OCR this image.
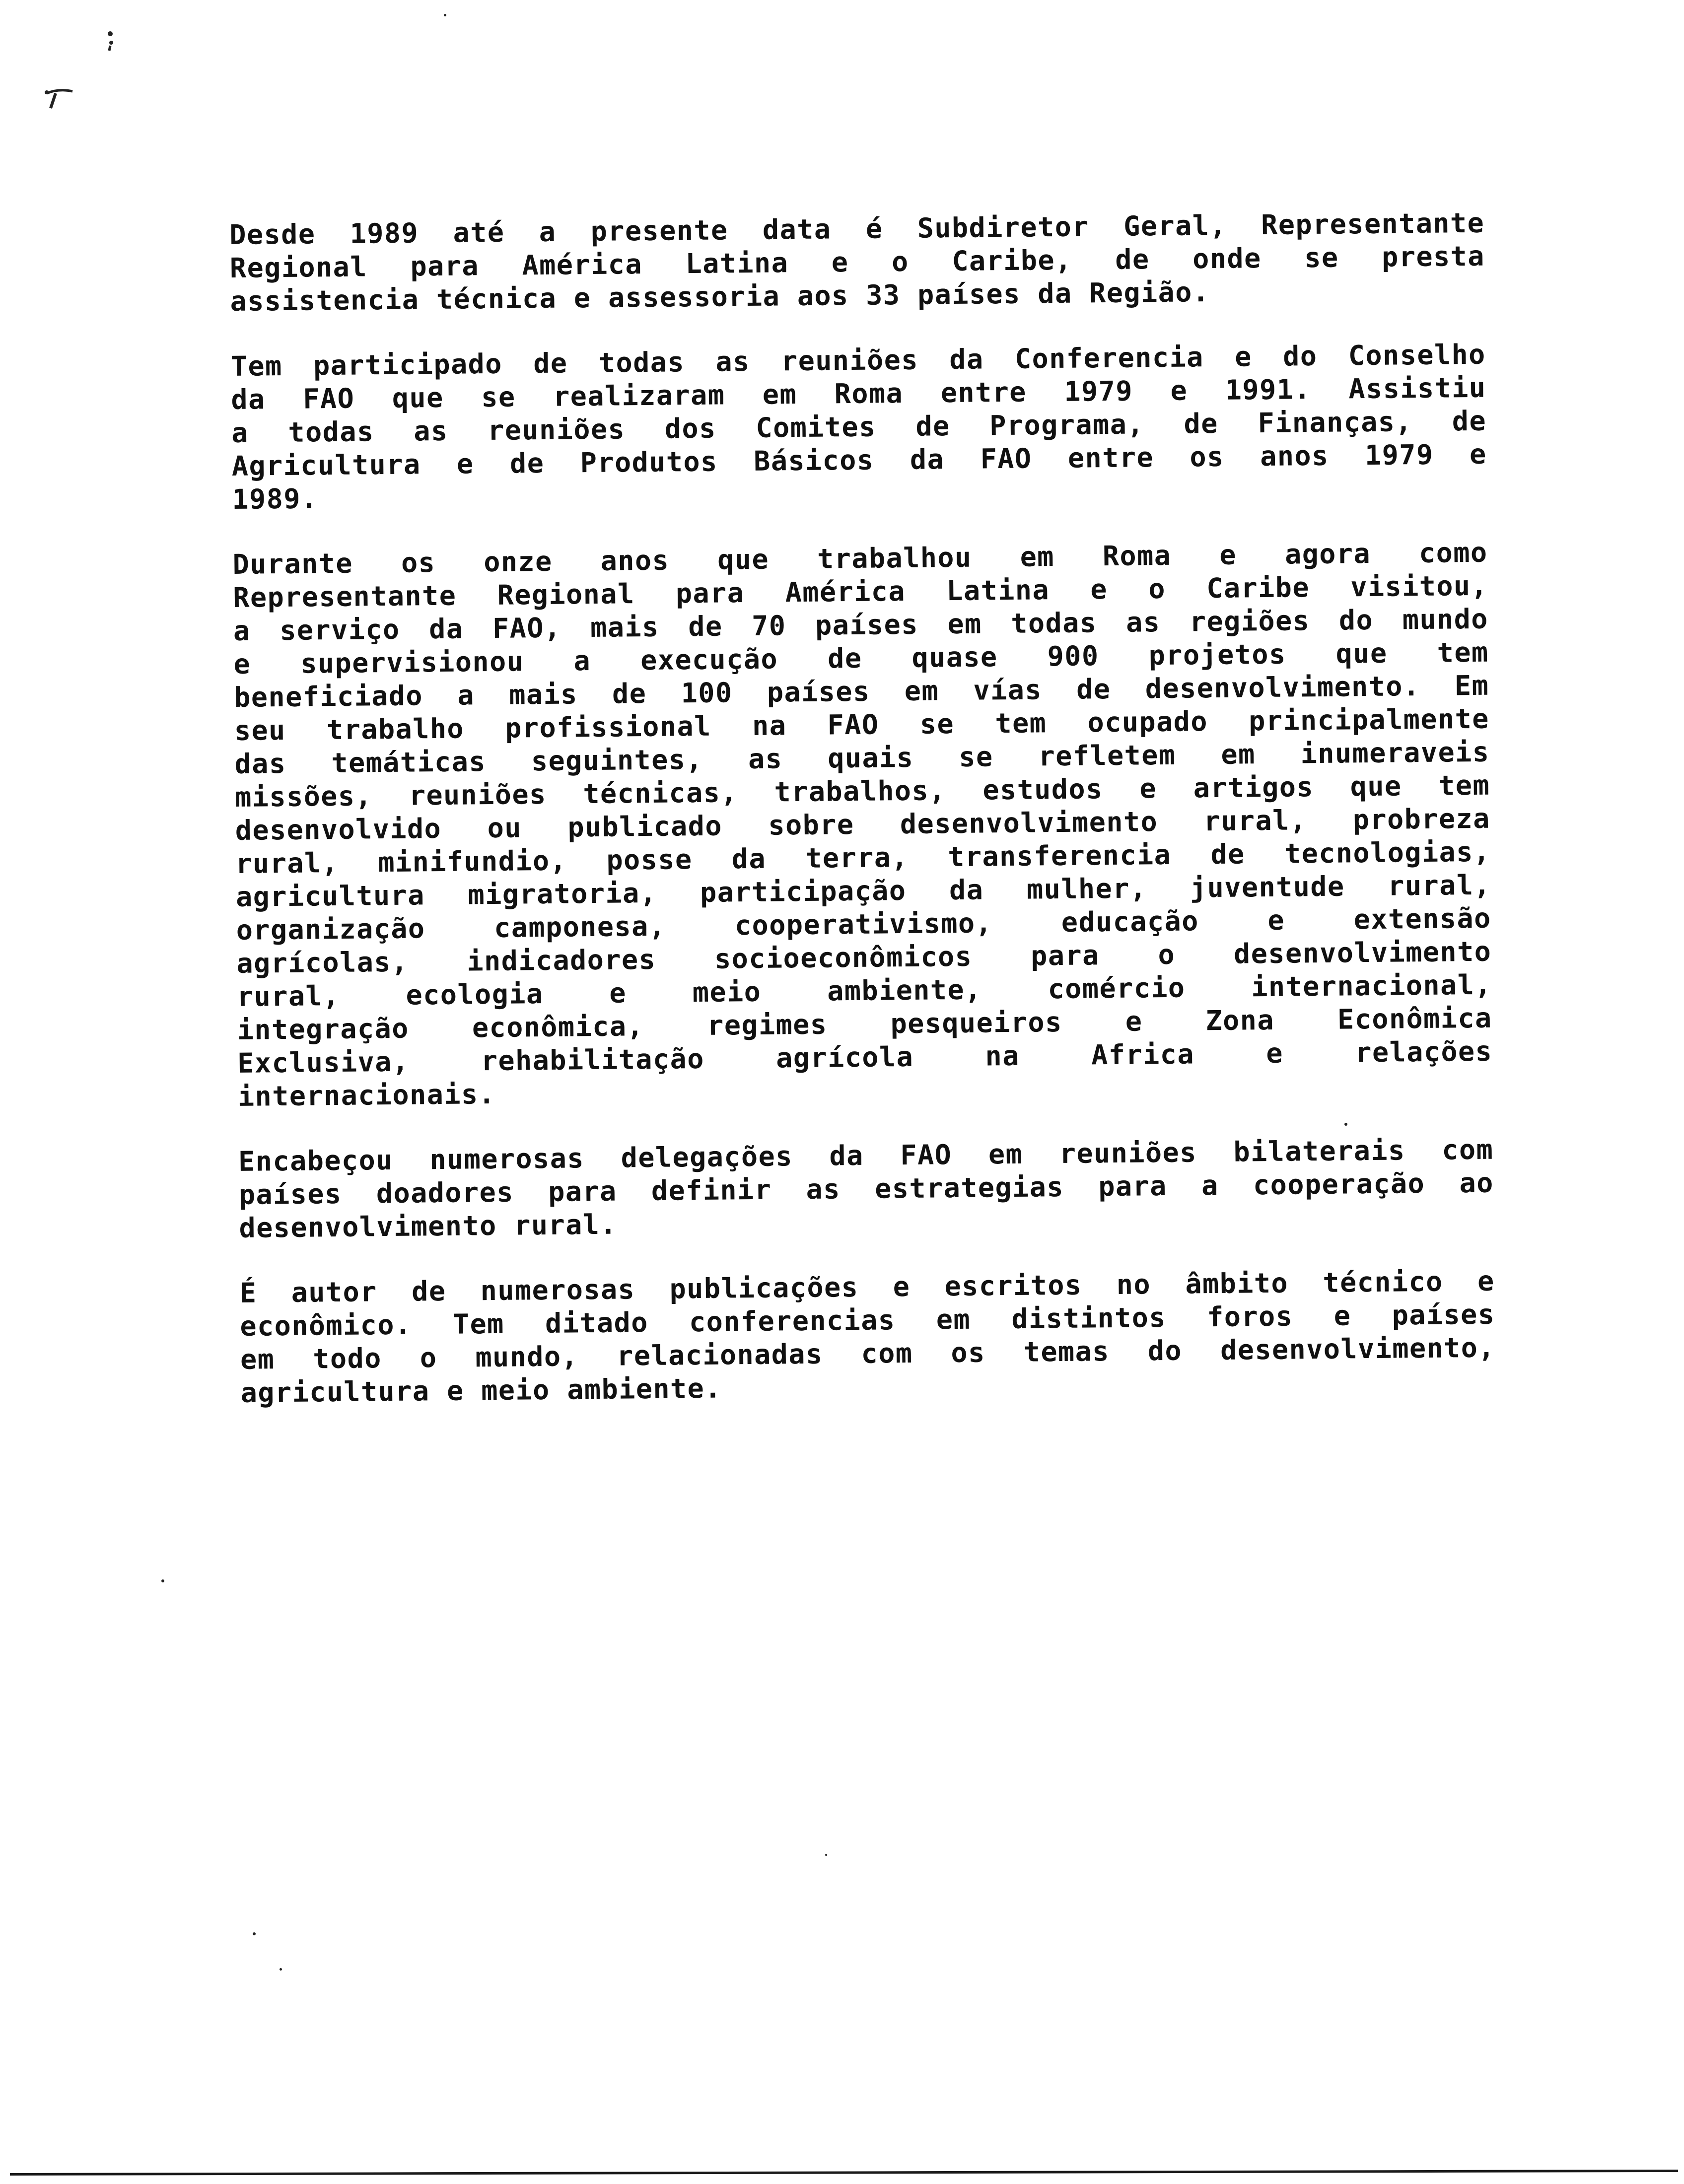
Desde 1989 até a presente data é Subdiretor Geral, Representante
Regional para América Latina e o Caribe, de onde se presta
assistencia técnica e assessoria aos 33 países da Região.

Tem participado de todas as reuniões da Conferencia e do Conselho
da FAO que se realizaram em Roma entre 1979 e 1991. Assistiu
a todas as reuniões dos Comites de Programa, de Finanças, de
Agricultura e de Produtos Básicos da FAO entre os anos 1979 e
1989.

Durante os onze anos que trabalhou em Roma e agora como
Representante Regional para América Latina e o Caribe visitou,
a serviço da FAO, mais de 70 países em todas as regiões do mundo
e supervisionou a execução de quase 900 projetos que tem
beneficiado a mais de 100 países em vías de desenvolvimento. Em
seu trabalho profissional na FAO se tem ocupado principalmente
das temáticas seguintes, as quais se refletem em inumeraveis
missões, reuniões técnicas, trabalhos, estudos e artigos que tem
desenvolvido ou publicado sobre desenvolvimento rural, probreza
rural, minifundio, posse da terra, transferencia de tecnologias,
agricultura migratoria, participação da mulher, juventude rural,
organização camponesa, cooperativismo, educação e extensão
agrícolas, indicadores socioeconômicos para o desenvolvimento
rural, ecologia e meio ambiente, comércio internacional,
integração econômica, regimes pesqueiros e Zona Econômica
Exclusiva, rehabilitação agrícola na Africa e relações
internacionais.

Encabeçou numerosas delegações da FAO em reuniões bilaterais com
países doadores para definir as estrategias para a cooperação ao
desenvolvimento rural.

É autor de numerosas publicações e escritos no âmbito técnico e
econômico. Tem ditado conferencias em distintos foros e países
em todo o mundo, relacionadas com os temas do desenvolvimento,
agricultura e meio ambiente.
